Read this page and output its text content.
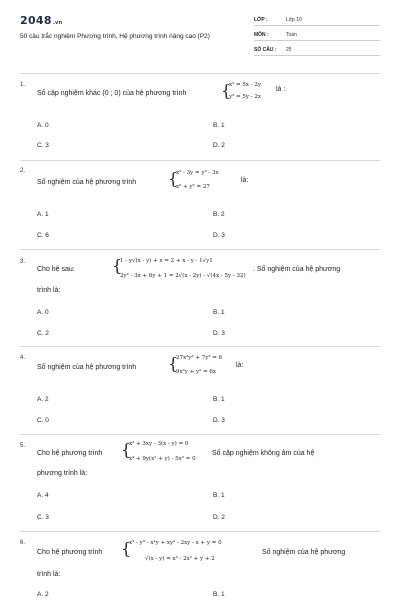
2048.vn
50 câu trắc nghiệm Phương trình, Hệ phương trình nâng cao (P2)
LỚP :	Lớp 10
MÔN :	Toán
SỐ CÂU : 25
1.
Số cặp nghiệm khác (0 ; 0) của hệ phương trình {
x² = 5x - 2y
y² = 5y - 2x
là :
A. 0	B. 1
C. 3	D. 2
2.
Số nghiệm của hệ phương trình {
x³ - 3y = y³ - 3x
x⁶ + y⁶ = 27
là:
A. 1	B. 2
C. 6	D. 3
3.
Cho hệ sau: {
1 - y√(x - y) + x = 2 + x - y - 1√y1
2y² - 3x + 6y + 1 = 2√(x - 2y) - √(4x - 5y - 32)
. Số nghiệm của hệ phương
trình là:
A. 0	B. 1
C. 2	D. 3
4.
Số nghiệm của hệ phương trình {
27x³y³ + 7y³ = 8
9x²y + y² = 6x
là:
A. 2	B. 1
C. 0	D. 3
5.
Cho hệ phương trình {
x² + 3xy - 3(x - y) = 0
x⁴ + 9y(x² + y) - 5x² = 0
Số cặp nghiệm không âm của hệ
phương trình là:
A. 4	B. 1
C. 3	D. 2
6.
Cho hệ phương trình {
x³ - y³ - x²y + xy² - 2xy - x + y = 0
√(x - y) = x³ - 2x² + y + 2
Số nghiệm của hệ phương
trình là:
A. 2	B. 1
